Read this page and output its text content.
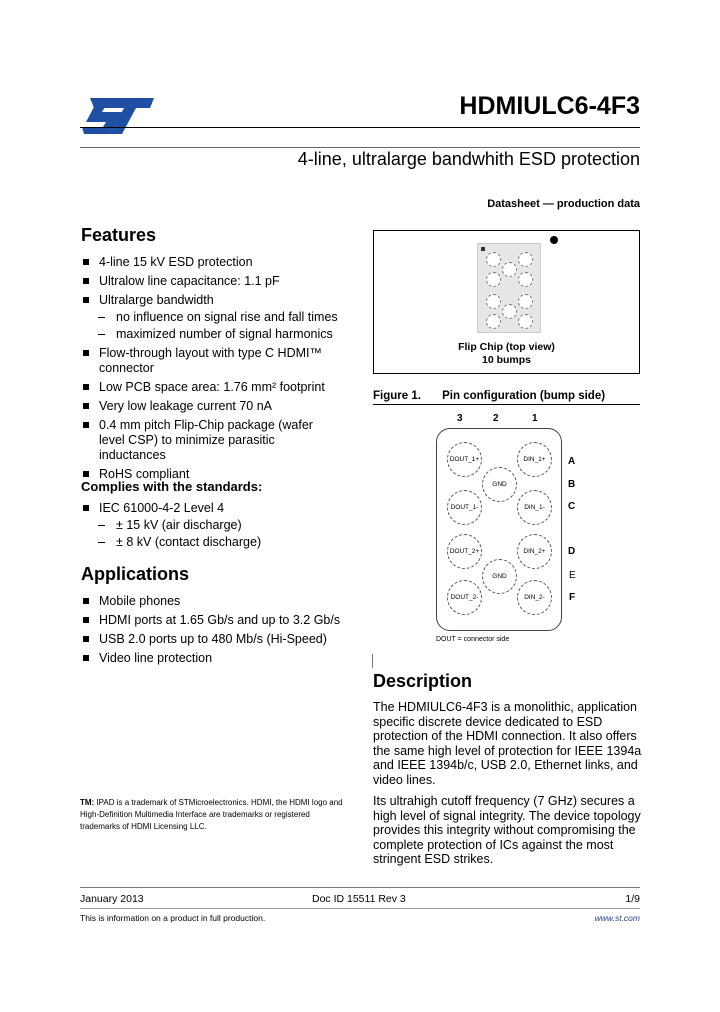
HDMIULC6-4F3
4-line, ultralarge bandwhith ESD protection
Datasheet — production data
Features
4-line 15 kV ESD protection
Ultralow line capacitance: 1.1 pF
Ultralarge bandwidth
no influence on signal rise and fall times
maximized number of signal harmonics
Flow-through layout with type C HDMI™ connector
Low PCB space area: 1.76 mm² footprint
Very low leakage current 70 nA
0.4 mm pitch Flip-Chip package (wafer level CSP) to minimize parasitic inductances
RoHS compliant
Complies with the standards:
IEC 61000-4-2 Level 4
± 15 kV (air discharge)
± 8 kV (contact discharge)
Applications
Mobile phones
HDMI ports at 1.65 Gb/s and up to 3.2 Gb/s
USB 2.0 ports up to 480 Mb/s (Hi-Speed)
Video line protection
Flip Chip (top view)
10 bumps
Figure 1. Pin configuration (bump side)
3	2	1
DOUT_1+	DIN_1+
GND
DOUT_1-	DIN_1-
DOUT_2+	DIN_2+
GND
DOUT_2-	DIN_2-
A
B
C
D
E
F
DOUT = connector side
Description

The HDMIULC6-4F3 is a monolithic, application specific discrete device dedicated to ESD protection of the HDMI connection. It also offers the same high level of protection for IEEE 1394a and IEEE 1394b/c, USB 2.0, Ethernet links, and video lines.

Its ultrahigh cutoff frequency (7 GHz) secures a high level of signal integrity. The device topology provides this integrity without compromising the complete protection of ICs against the most stringent ESD strikes.

TM: IPAD is a trademark of STMicroelectronics. HDMI, the HDMI logo and High-Definition Multimedia Interface are trademarks or registered trademarks of HDMI Licensing LLC.
January 2013	Doc ID 15511 Rev 3	1/9
This is information on a product in full production.	www.st.com
